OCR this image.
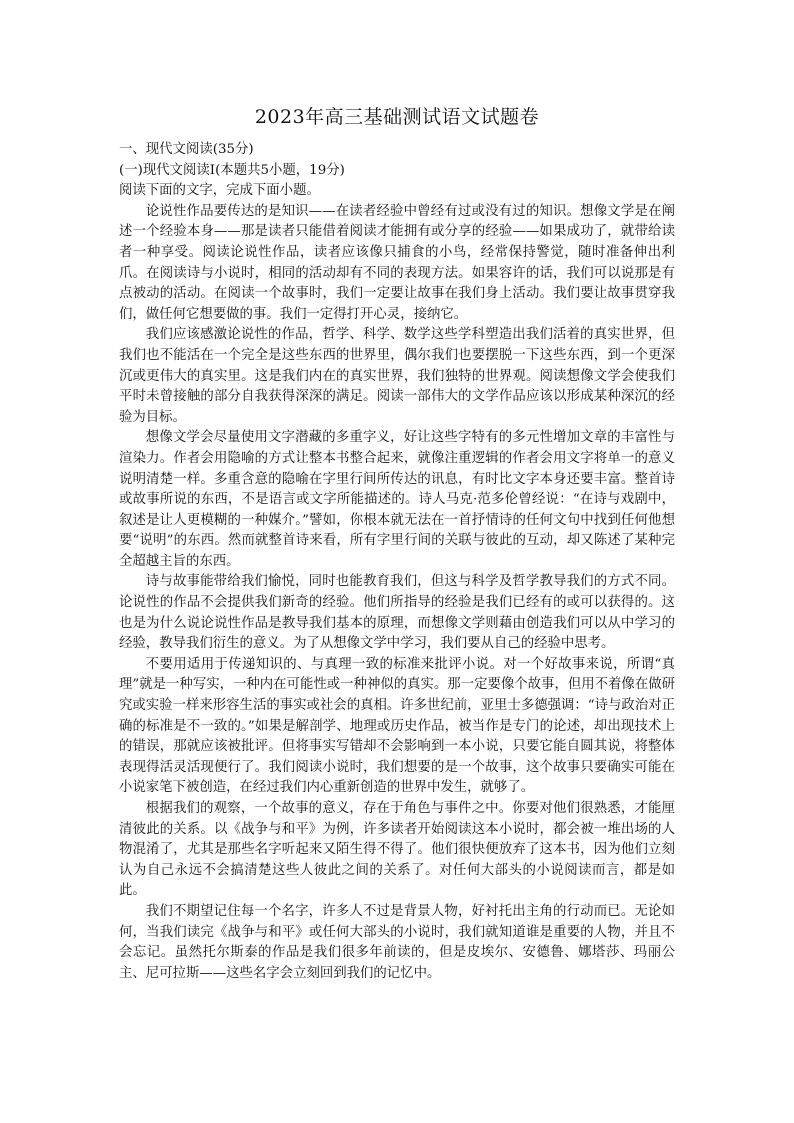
2023年高三基础测试语文试题卷

一、现代文阅读(35分)

(一)现代文阅读Ⅰ(本题共5小题，19分)

阅读下面的文字，完成下面小题。

论说性作品要传达的是知识——在读者经验中曾经有过或没有过的知识。想像文学是在阐述一个经验本身——那是读者只能借着阅读才能拥有或分享的经验——如果成功了，就带给读者一种享受。阅读论说性作品，读者应该像只捕食的小鸟，经常保持警觉，随时准备伸出利爪。在阅读诗与小说时，相同的活动却有不同的表现方法。如果容许的话，我们可以说那是有点被动的活动。在阅读一个故事时，我们一定要让故事在我们身上活动。我们要让故事贯穿我们，做任何它想要做的事。我们一定得打开心灵，接纳它。

我们应该感激论说性的作品，哲学、科学、数学这些学科塑造出我们活着的真实世界，但我们也不能活在一个完全是这些东西的世界里，偶尔我们也要摆脱一下这些东西，到一个更深沉或更伟大的真实里。这是我们内在的真实世界，我们独特的世界观。阅读想像文学会使我们平时未曾接触的部分自我获得深深的满足。阅读一部伟大的文学作品应该以形成某种深沉的经验为目标。

想像文学会尽量使用文字潜藏的多重字义，好让这些字特有的多元性增加文章的丰富性与渲染力。作者会用隐喻的方式让整本书整合起来，就像注重逻辑的作者会用文字将单一的意义说明清楚一样。多重含意的隐喻在字里行间所传达的讯息，有时比文字本身还要丰富。整首诗或故事所说的东西，不是语言或文字所能描述的。诗人马克·范多伦曾经说：“在诗与戏剧中，叙述是让人更模糊的一种媒介。”譬如，你根本就无法在一首抒情诗的任何文句中找到任何他想要“说明”的东西。然而就整首诗来看，所有字里行间的关联与彼此的互动，却又陈述了某种完全超越主旨的东西。

诗与故事能带给我们愉悦，同时也能教育我们，但这与科学及哲学教导我们的方式不同。论说性的作品不会提供我们新奇的经验。他们所指导的经验是我们已经有的或可以获得的。这也是为什么说论说性作品是教导我们基本的原理，而想像文学则藉由创造我们可以从中学习的经验，教导我们衍生的意义。为了从想像文学中学习，我们要从自己的经验中思考。

不要用适用于传递知识的、与真理一致的标准来批评小说。对一个好故事来说，所谓“真理”就是一种写实，一种内在可能性或一种神似的真实。那一定要像个故事，但用不着像在做研究或实验一样来形容生活的事实或社会的真相。许多世纪前，亚里士多德强调：“诗与政治对正确的标准是不一致的。”如果是解剖学、地理或历史作品，被当作是专门的论述，却出现技术上的错误，那就应该被批评。但将事实写错却不会影响到一本小说，只要它能自圆其说，将整体表现得活灵活现便行了。我们阅读小说时，我们想要的是一个故事，这个故事只要确实可能在小说家笔下被创造，在经过我们内心重新创造的世界中发生，就够了。

根据我们的观察，一个故事的意义，存在于角色与事件之中。你要对他们很熟悉，才能厘清彼此的关系。以《战争与和平》为例，许多读者开始阅读这本小说时，都会被一堆出场的人物混淆了，尤其是那些名字听起来又陌生得不得了。他们很快便放弃了这本书，因为他们立刻认为自己永远不会搞清楚这些人彼此之间的关系了。对任何大部头的小说阅读而言，都是如此。

我们不期望记住每一个名字，许多人不过是背景人物，好衬托出主角的行动而已。无论如何，当我们读完《战争与和平》或任何大部头的小说时，我们就知道谁是重要的人物，并且不会忘记。虽然托尔斯泰的作品是我们很多年前读的，但是皮埃尔、安德鲁、娜塔莎、玛丽公主、尼可拉斯——这些名字会立刻回到我们的记忆中。
